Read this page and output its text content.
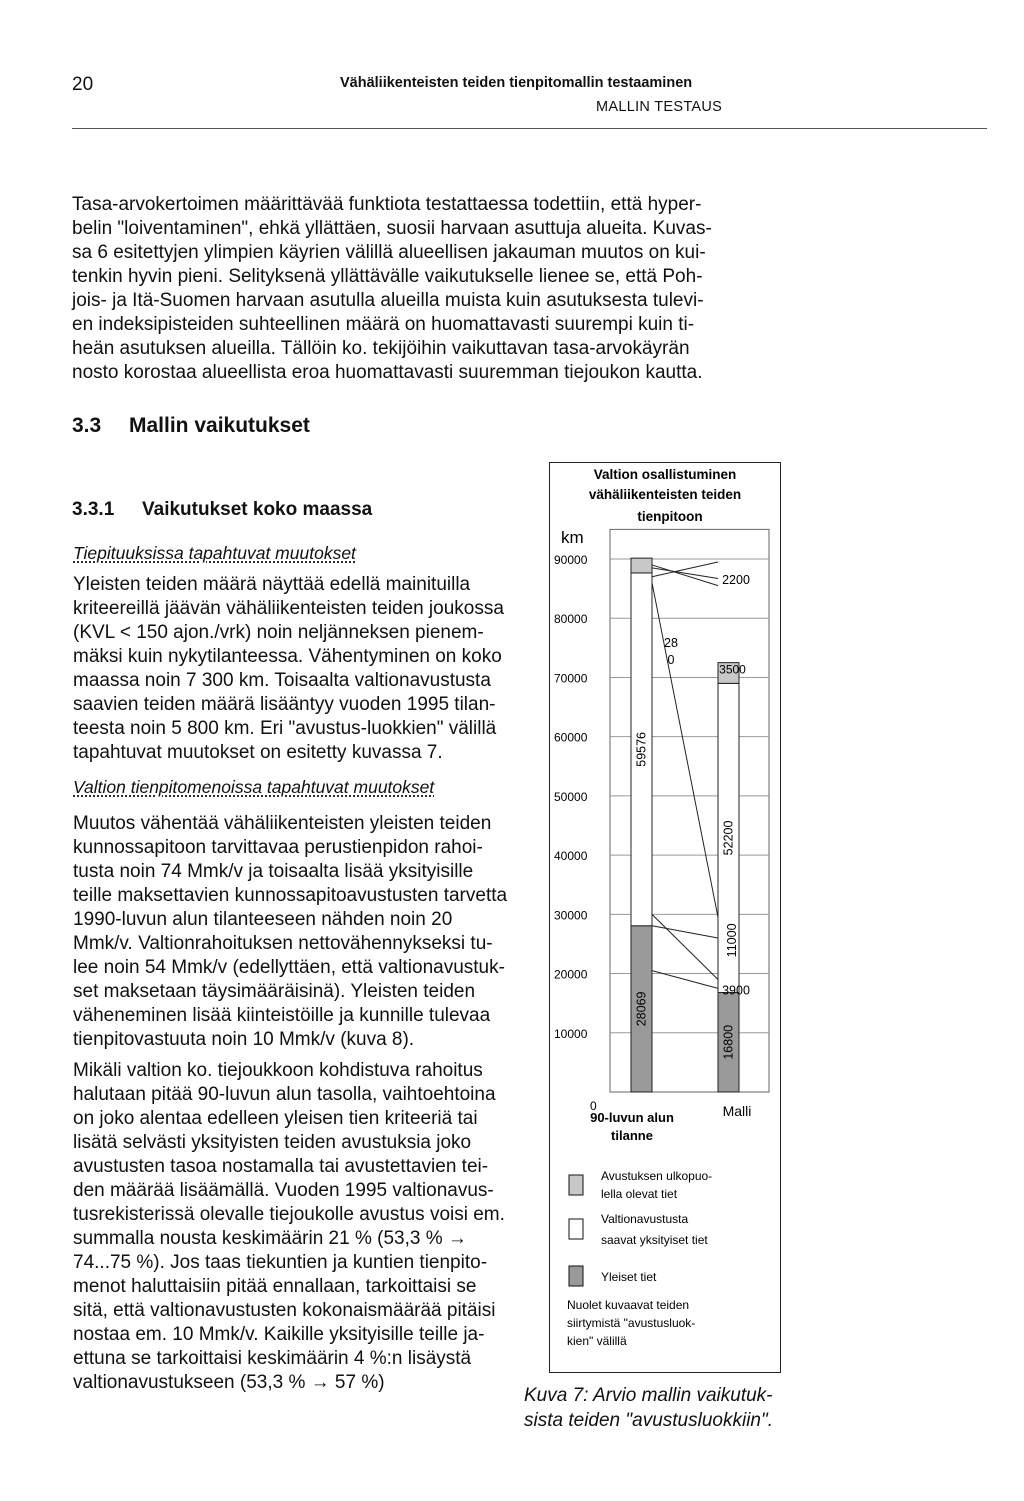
20	Vähäliikenteisten teiden tienpitomallin testaaminen
MALLIN TESTAUS
Tasa-arvokertoimen määrittävää funktiota testattaessa todettiin, että hyper-
belin "loiventaminen", ehkä yllättäen, suosii harvaan asuttuja alueita. Kuvas-
sa 6 esitettyjen ylimpien käyrien välillä alueellisen jakauman muutos on kui-
tenkin hyvin pieni. Selityksenä yllättävälle vaikutukselle lienee se, että Poh-
jois- ja Itä-Suomen harvaan asutulla alueilla muista kuin asutuksesta tulevi-
en indeksipisteiden suhteellinen määrä on huomattavasti suurempi kuin ti-
heän asutuksen alueilla. Tällöin ko. tekijöihin vaikuttavan tasa-arvokäyrän
nosto korostaa alueellista eroa huomattavasti suuremman tiejoukon kautta.
3.3 Mallin vaikutukset
3.3.1 Vaikutukset koko maassa
Tiepituuksissa tapahtuvat muutokset
Yleisten teiden määrä näyttää edellä mainituilla
kriteereillä jäävän vähäliikenteisten teiden joukossa
(KVL < 150 ajon./vrk) noin neljänneksen pienem-
mäksi kuin nykytilanteessa. Vähentyminen on koko
maassa noin 7 300 km. Toisaalta valtionavustusta
saavien teiden määrä lisääntyy vuoden 1995 tilan-
teesta noin 5 800 km. Eri "avustus-luokkien" välillä
tapahtuvat muutokset on esitetty kuvassa 7.
Valtion tienpitomenoissa tapahtuvat muutokset
Muutos vähentää vähäliikenteisten yleisten teiden
kunnossapitoon tarvittavaa perustienpidon rahoi-
tusta noin 74 Mmk/v ja toisaalta lisää yksityisille
teille maksettavien kunnossapitoavustusten tarvetta
1990-luvun alun tilanteeseen nähden noin 20
Mmk/v. Valtionrahoituksen nettovähennykseksi tu-
lee noin 54 Mmk/v (edellyttäen, että valtionavustuk-
set maksetaan täysimääräisinä). Yleisten teiden
väheneminen lisää kiinteistöille ja kunnille tulevaa
tienpitovastuuta noin 10 Mmk/v (kuva 8).
Mikäli valtion ko. tiejoukkoon kohdistuva rahoitus
halutaan pitää 90-luvun alun tasolla, vaihtoehtoina
on joko alentaa edelleen yleisen tien kriteeriä tai
lisätä selvästi yksityisten teiden avustuksia joko
avustusten tasoa nostamalla tai avustettavien tei-
den määrää lisäämällä. Vuoden 1995 valtionavus-
tusrekisterissä olevalle tiejoukolle avustus voisi em.
summalla nousta keskimäärin 21 % (53,3 % →
74...75 %). Jos taas tiekuntien ja kuntien tienpito-
menot haluttaisiin pitää ennallaan, tarkoittaisi se
sitä, että valtionavustusten kokonaismäärää pitäisi
nostaa em. 10 Mmk/v. Kaikille yksityisille teille ja-
ettuna se tarkoittaisi keskimäärin 4 %:n lisäystä
valtionavustukseen (53,3 % → 57 %)
Valtion osallistuminen
vähäliikenteisten teiden
tienpitoon
km
0
10000
20000
30000
40000
50000
60000
70000
80000
90000
28069
59576
16800
52200
3500
2200
28
0
11000
3900
90-luvun alun
tilanne
Malli
Avustuksen ulkopuo-
lella olevat tiet
Valtionavustusta
saavat yksityiset tiet
Yleiset tiet
Nuolet kuvaavat teiden
siirtymistä "avustusluok-
kien" välillä
Kuva 7: Arvio mallin vaikutuk-
sista teiden "avustusluokkiin".
